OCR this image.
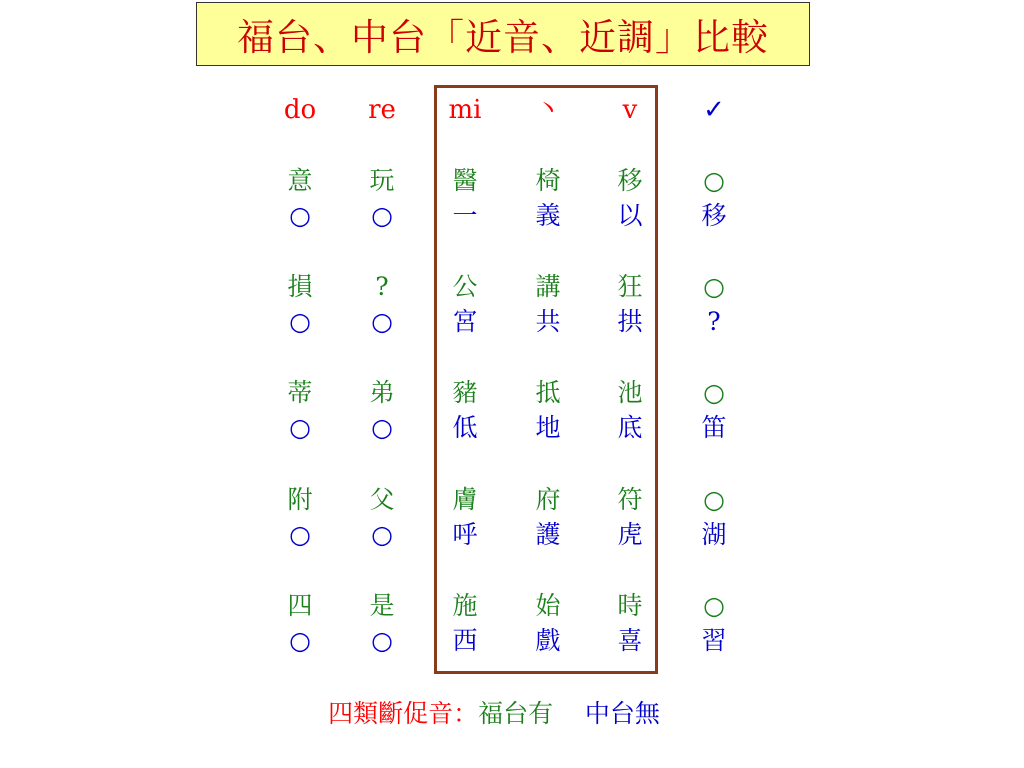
福台、中台「近音、近調」比較
do	re	mi	丶	v	✓
意	玩	醫	椅	移	○
○	○	一	義	以	移
損	?	公	講	狂	○
○	○	宮	共	拱	?
蒂	弟	豬	抵	池	○
○	○	低	地	底	笛
附	父	膚	府	符	○
○	○	呼	護	虎	湖
四	是	施	始	時	○
○	○	西	戲	喜	習
四類斷促音：福台有 中台無
